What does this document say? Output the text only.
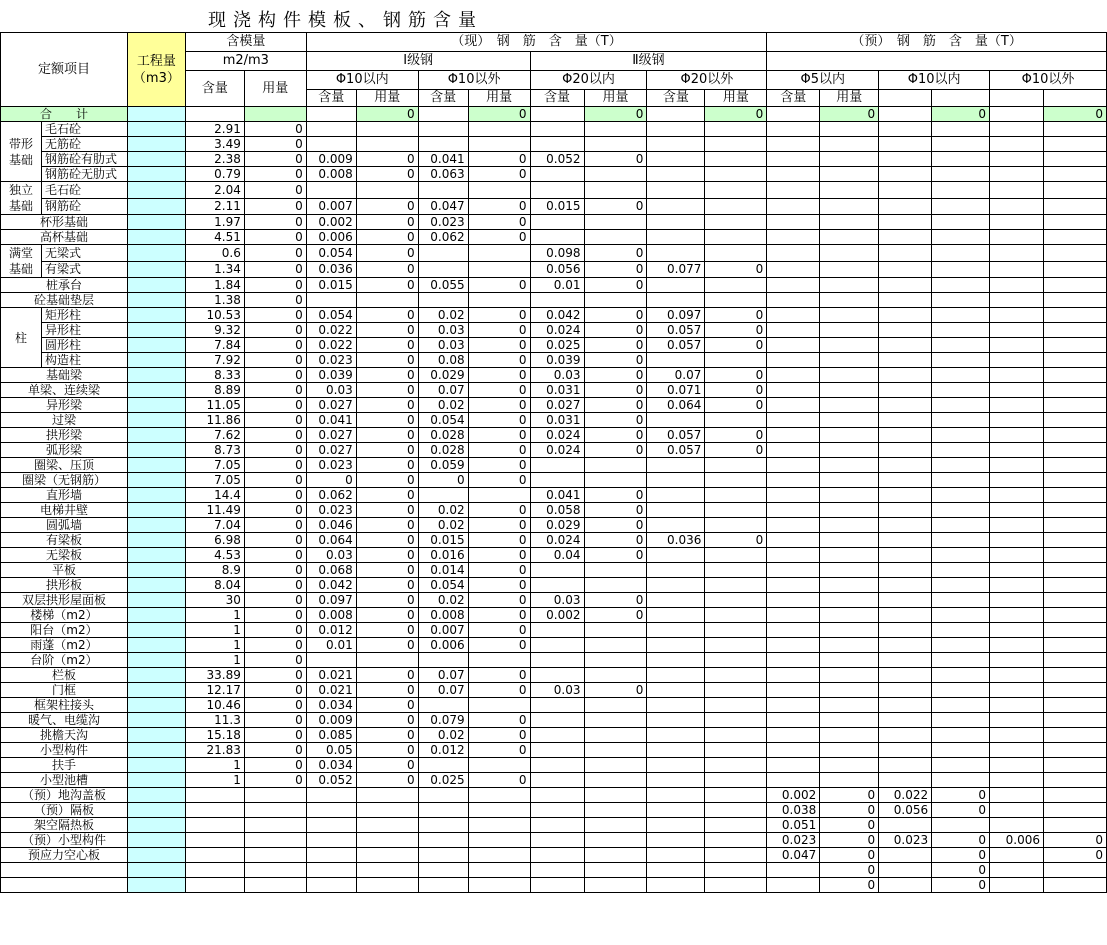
现浇构件模板、钢筋含量
定额项目		工程量（m3）	含模量		（现）　钢　筋　含　量（T）								（预）　钢　筋　含　量（T）					
			m2/m3		Ⅰ级钢				Ⅱ级钢									
			含量	用量	Φ10以内		Φ10以外		Φ20以内		Φ20以外		Φ5以内		Φ10以内		Φ10以外	
					含量	用量	含量	用量	含量	用量	含量	用量	含量	用量				
合　　计						0		0		0		0		0		0		0
带形基础	毛石砼		2.91	0														
	无筋砼		3.49	0														
	钢筋砼有肋式		2.38	0	0.009	0	0.041	0	0.052	0								
	钢筋砼无肋式		0.79	0	0.008	0	0.063	0										
独立基础	毛石砼		2.04	0														
	钢筋砼		2.11	0	0.007	0	0.047	0	0.015	0								
杯形基础			1.97	0	0.002	0	0.023	0										
高杯基础			4.51	0	0.006	0	0.062	0										
满堂基础	无梁式		0.6	0	0.054	0			0.098	0								
	有梁式		1.34	0	0.036	0			0.056	0	0.077	0						
桩承台			1.84	0	0.015	0	0.055	0	0.01	0								
砼基础垫层			1.38	0														
柱	矩形柱		10.53	0	0.054	0	0.02	0	0.042	0	0.097	0						
	异形柱		9.32	0	0.022	0	0.03	0	0.024	0	0.057	0						
	圆形柱		7.84	0	0.022	0	0.03	0	0.025	0	0.057	0						
	构造柱		7.92	0	0.023	0	0.08	0	0.039	0								
基础梁			8.33	0	0.039	0	0.029	0	0.03	0	0.07	0						
单梁、连续梁			8.89	0	0.03	0	0.07	0	0.031	0	0.071	0						
异形梁			11.05	0	0.027	0	0.02	0	0.027	0	0.064	0						
过梁			11.86	0	0.041	0	0.054	0	0.031	0								
拱形梁			7.62	0	0.027	0	0.028	0	0.024	0	0.057	0						
弧形梁			8.73	0	0.027	0	0.028	0	0.024	0	0.057	0						
圈梁、压顶			7.05	0	0.023	0	0.059	0										
圈梁（无钢筋）			7.05	0	0	0	0	0										
直形墙			14.4	0	0.062	0			0.041	0								
电梯井壁			11.49	0	0.023	0	0.02	0	0.058	0								
圆弧墙			7.04	0	0.046	0	0.02	0	0.029	0								
有梁板			6.98	0	0.064	0	0.015	0	0.024	0	0.036	0						
无梁板			4.53	0	0.03	0	0.016	0	0.04	0								
平板			8.9	0	0.068	0	0.014	0										
拱形板			8.04	0	0.042	0	0.054	0										
双层拱形屋面板			30	0	0.097	0	0.02	0	0.03	0								
楼梯（m2）			1	0	0.008	0	0.008	0	0.002	0								
阳台（m2）			1	0	0.012	0	0.007	0										
雨蓬（m2）			1	0	0.01	0	0.006	0										
台阶（m2）			1	0														
栏板			33.89	0	0.021	0	0.07	0										
门框			12.17	0	0.021	0	0.07	0	0.03	0								
框架柱接头			10.46	0	0.034	0												
暖气、电缆沟			11.3	0	0.009	0	0.079	0										
挑檐天沟			15.18	0	0.085	0	0.02	0										
小型构件			21.83	0	0.05	0	0.012	0										
扶手			1	0	0.034	0												
小型池槽			1	0	0.052	0	0.025	0										
（预）地沟盖板													0.002	0	0.022	0		
（预）隔板													0.038	0	0.056	0		
架空隔热板													0.051	0				
（预）小型构件													0.023	0	0.023	0	0.006	0
预应力空心板													0.047	0		0		0
														0		0		
														0		0		
